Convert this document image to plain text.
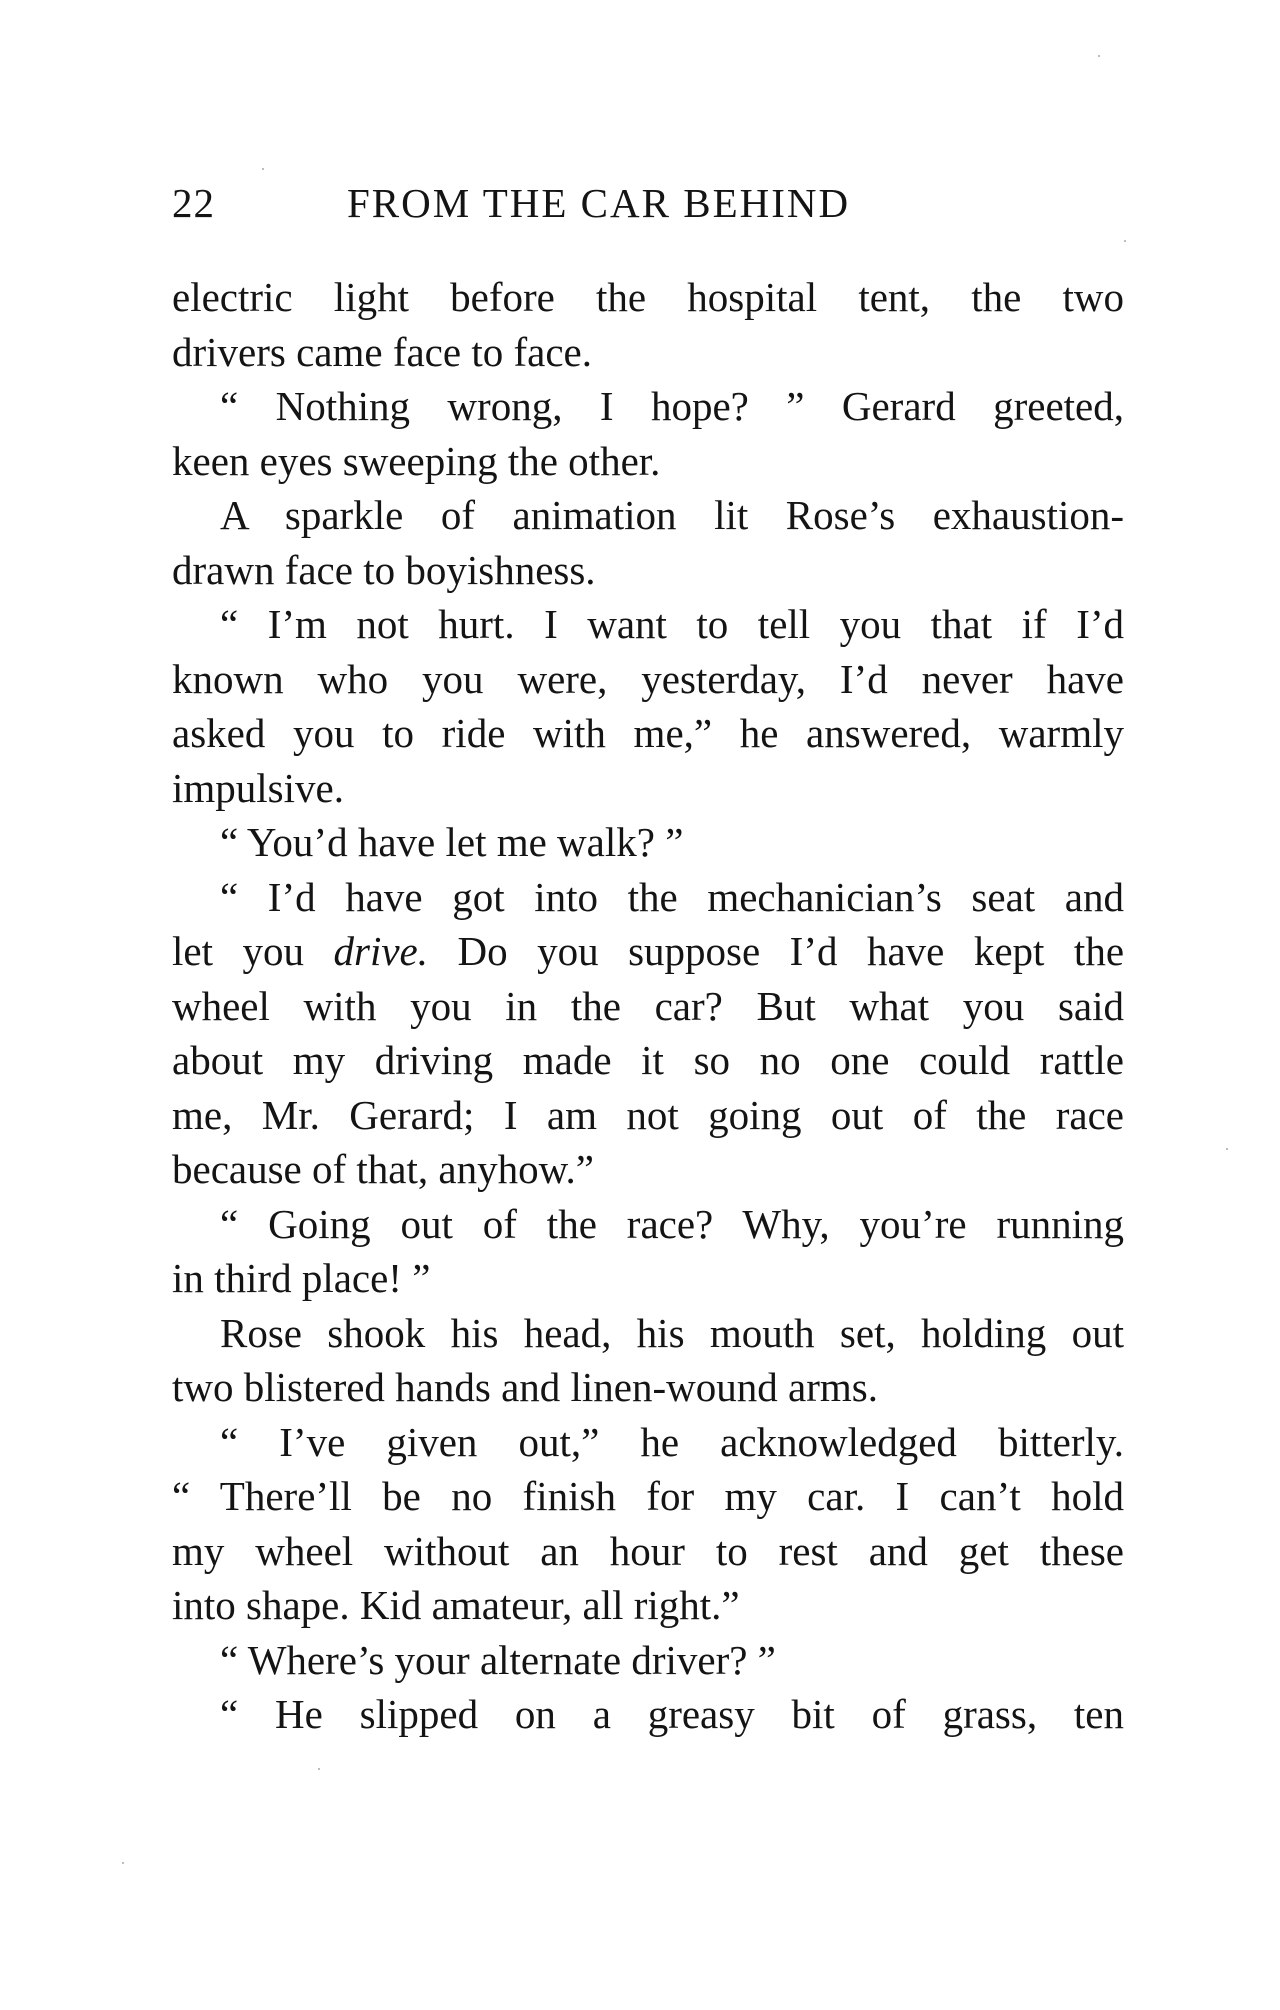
22	FROM THE CAR BEHIND
electric light before the hospital tent, the two
drivers came face to face.
“ Nothing wrong, I hope? ” Gerard greeted,
keen eyes sweeping the other.
A sparkle of animation lit Rose’s exhaustion-
drawn face to boyishness.
“ I’m not hurt. I want to tell you that if I’d
known who you were, yesterday, I’d never have
asked you to ride with me,” he answered, warmly
impulsive.
“ You’d have let me walk? ”
“ I’d have got into the mechanician’s seat and
let you drive. Do you suppose I’d have kept the
wheel with you in the car? But what you said
about my driving made it so no one could rattle
me, Mr. Gerard; I am not going out of the race
because of that, anyhow.”
“ Going out of the race? Why, you’re running
in third place! ”
Rose shook his head, his mouth set, holding out
two blistered hands and linen-wound arms.
“ I’ve given out,” he acknowledged bitterly.
“ There’ll be no finish for my car. I can’t hold
my wheel without an hour to rest and get these
into shape. Kid amateur, all right.”
“ Where’s your alternate driver? ”
“ He slipped on a greasy bit of grass, ten
